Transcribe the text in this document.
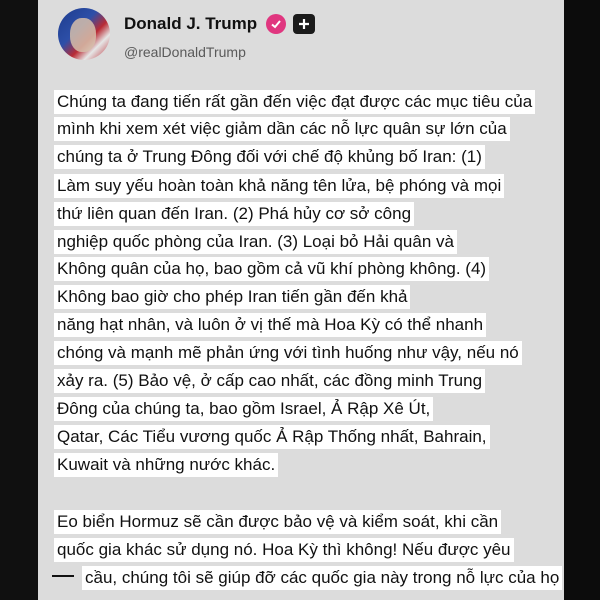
Donald J. Trump
@realDonaldTrump
Chúng ta đang tiến rất gần đến việc đạt được các mục tiêu của
mình khi xem xét việc giảm dần các nỗ lực quân sự lớn của
chúng ta ở Trung Đông đối với chế độ khủng bố Iran: (1)
Làm suy yếu hoàn toàn khả năng tên lửa, bệ phóng và mọi
thứ liên quan đến Iran. (2) Phá hủy cơ sở công
nghiệp quốc phòng của Iran. (3) Loại bỏ Hải quân và
Không quân của họ, bao gồm cả vũ khí phòng không. (4)
Không bao giờ cho phép Iran tiến gần đến khả
năng hạt nhân, và luôn ở vị thế mà Hoa Kỳ có thể nhanh
chóng và mạnh mẽ phản ứng với tình huống như vậy, nếu nó
xảy ra. (5) Bảo vệ, ở cấp cao nhất, các đồng minh Trung
Đông của chúng ta, bao gồm Israel, Ả Rập Xê Út,
Qatar, Các Tiểu vương quốc Ả Rập Thống nhất, Bahrain,
Kuwait và những nước khác.
Eo biển Hormuz sẽ cần được bảo vệ và kiểm soát, khi cần
quốc gia khác sử dụng nó. Hoa Kỳ thì không! Nếu được yêu
cầu, chúng tôi sẽ giúp đỡ các quốc gia này trong nỗ lực của họ
